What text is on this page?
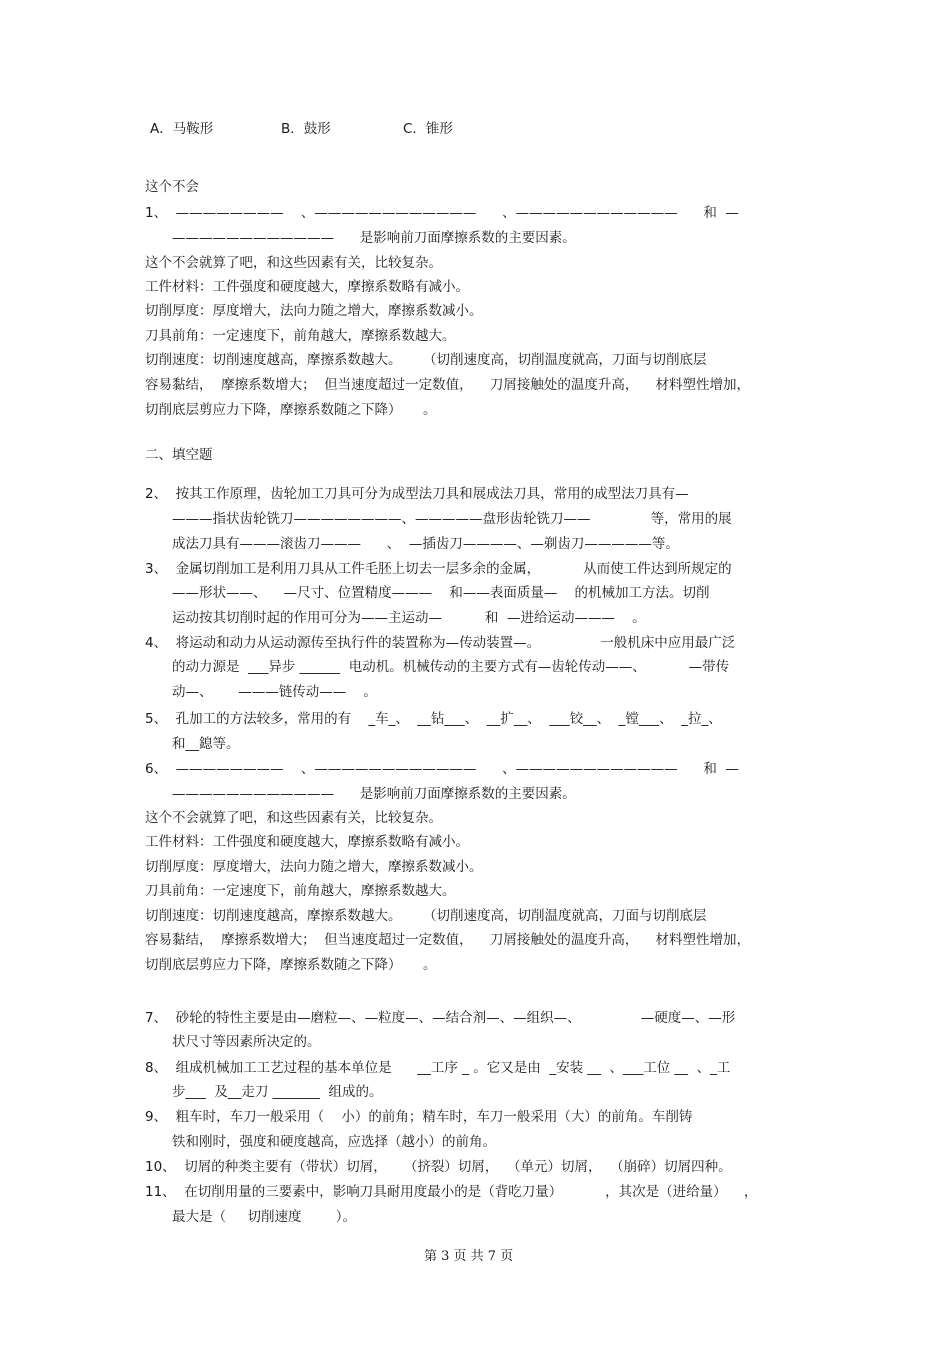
A．马鞍形	B．鼓形	C．锥形
这个不会
1、  ————————    、————————————      、————————————      和  —
————————————      是影响前刀面摩擦系数的主要因素。
这个不会就算了吧，和这些因素有关，比较复杂。
工件材料：工件强度和硬度越大，摩擦系数略有减小。
切削厚度：厚度增大，法向力随之增大，摩擦系数减小。
刀具前角：一定速度下，前角越大，摩擦系数越大。
切削速度：切削速度越高，摩擦系数越大。     （切削速度高，切削温度就高，刀面与切削底层
容易黏结，  摩擦系数增大；  但当速度超过一定数值，    刀屑接触处的温度升高，    材料塑性增加，
切削底层剪应力下降，摩擦系数随之下降）     。
二、填空题
2、  按其工作原理，齿轮加工刀具可分为成型法刀具和展成法刀具，常用的成型法刀具有—
———指状齿轮铣刀————————、—————盘形齿轮铣刀——              等，常用的展
成法刀具有———滚齿刀———      、  —插齿刀————、—剃齿刀—————等。
3、  金属切削加工是利用刀具从工件毛胚上切去一层多余的金属，          从而使工件达到所规定的
——形状——、    —尺寸、位置精度———    和——表面质量—    的机械加工方法。切削
运动按其切削时起的作用可分为——主运动—          和  —进给运动———    。
4、  将运动和动力从运动源传至执行件的装置称为—传动装置—。              一般机床中应用最广泛
的动力源是  ___异步 ______  电动机。机械传动的主要方式有—齿轮传动——、          —带传
动—、      ———链传动——    。
5、  孔加工的方法较多，常用的有    _车_、  __钻___、  __扩__、  ___铰__、  _镗___、  _拉_、
和__鎴等。
6、  ————————    、————————————      、————————————      和  —
————————————      是影响前刀面摩擦系数的主要因素。
这个不会就算了吧，和这些因素有关，比较复杂。
工件材料：工件强度和硬度越大，摩擦系数略有减小。
切削厚度：厚度增大，法向力随之增大，摩擦系数减小。
刀具前角：一定速度下，前角越大，摩擦系数越大。
切削速度：切削速度越高，摩擦系数越大。     （切削速度高，切削温度就高，刀面与切削底层
容易黏结，  摩擦系数增大；  但当速度超过一定数值，    刀屑接触处的温度升高，    材料塑性增加，
切削底层剪应力下降，摩擦系数随之下降）     。
7、  砂轮的特性主要是由—磨粒—、—粒度—、—结合剂—、—组织—、              —硬度—、—形
状尺寸等因素所决定的。
8、  组成机械加工工艺过程的基本单位是      __工序 _ 。它又是由  _安装 __  、___工位 __  、_工
步___  及__走刀 _______  组成的。
9、  粗车时，车刀一般采用（    小）的前角；精车时，车刀一般采用（大）的前角。车削铸
铁和刚时，强度和硬度越高，应选择（越小）的前角。
10、  切屑的种类主要有（带状）切屑，    （挤裂）切屑，  （单元）切屑，  （崩碎）切屑四种。
11、  在切削用量的三要素中，影响刀具耐用度最小的是（背吃刀量）          ，其次是（进给量）    ，
最大是（     切削速度        ）。
第 3 页 共 7 页
